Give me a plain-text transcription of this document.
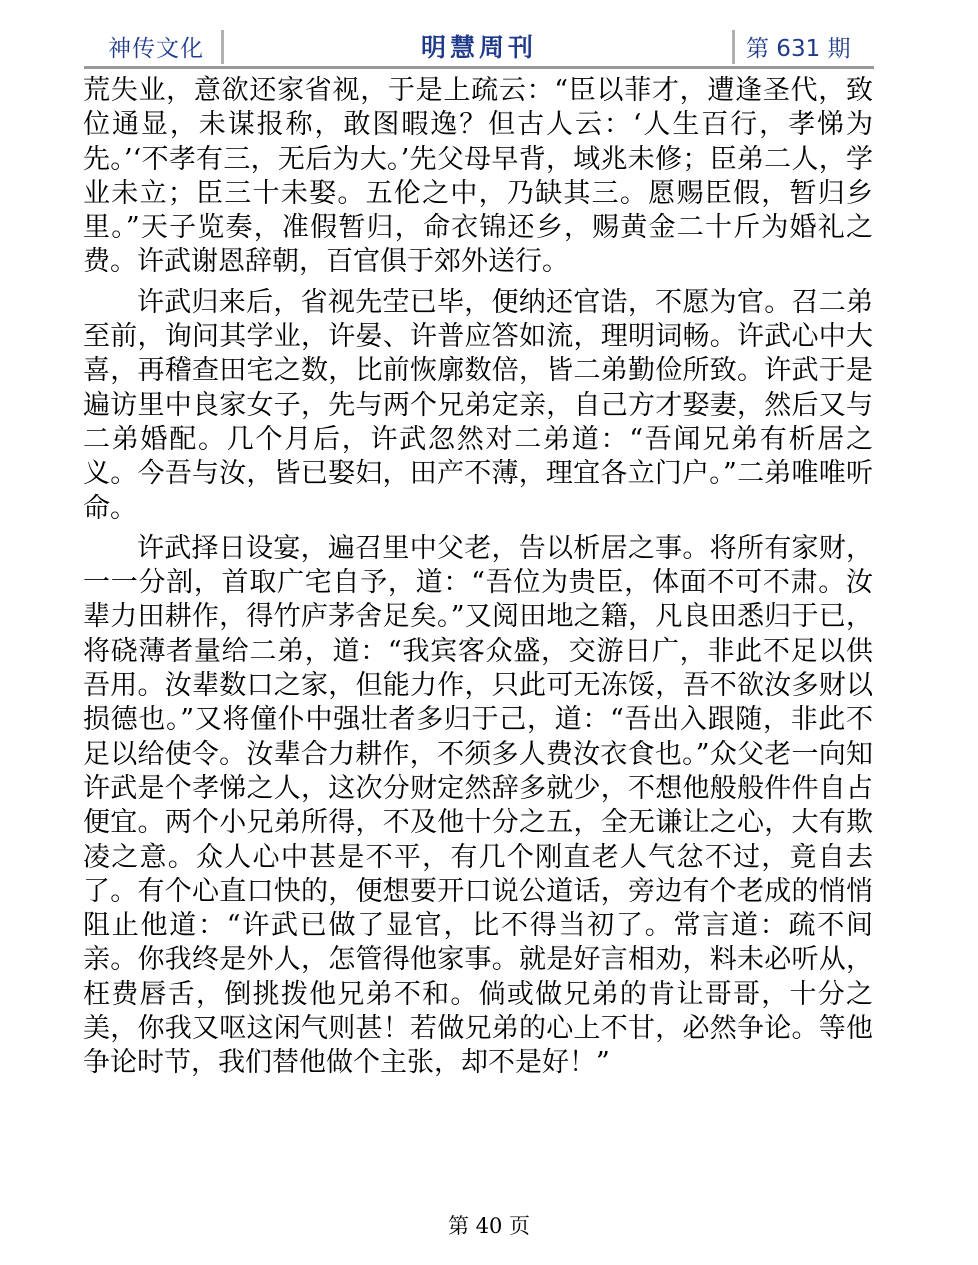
神传文化	明慧周刊	第 631 期

荒失业，意欲还家省视，于是上疏云：“臣以菲才，遭逢圣代，致位通显，未谋报称，敢图暇逸？但古人云：‘人生百行，孝悌为先。’‘不孝有三，无后为大。’先父母早背，域兆未修；臣弟二人，学业未立；臣三十未娶。五伦之中，乃缺其三。愿赐臣假，暂归乡里。”天子览奏，准假暂归，命衣锦还乡，赐黄金二十斤为婚礼之费。许武谢恩辞朝，百官俱于郊外送行。

许武归来后，省视先茔已毕，便纳还官诰，不愿为官。召二弟至前，询问其学业，许晏、许普应答如流，理明词畅。许武心中大喜，再稽查田宅之数，比前恢廓数倍，皆二弟勤俭所致。许武于是遍访里中良家女子，先与两个兄弟定亲，自己方才娶妻，然后又与二弟婚配。几个月后，许武忽然对二弟道：“吾闻兄弟有析居之义。今吾与汝，皆已娶妇，田产不薄，理宜各立门户。”二弟唯唯听命。

许武择日设宴，遍召里中父老，告以析居之事。将所有家财，一一分剖，首取广宅自予，道：“吾位为贵臣，体面不可不肃。汝辈力田耕作，得竹庐茅舍足矣。”又阅田地之籍，凡良田悉归于已，将硗薄者量给二弟，道：“我宾客众盛，交游日广，非此不足以供吾用。汝辈数口之家，但能力作，只此可无冻馁，吾不欲汝多财以损德也。”又将僮仆中强壮者多归于己，道：“吾出入跟随，非此不足以给使令。汝辈合力耕作，不须多人费汝衣食也。”众父老一向知许武是个孝悌之人，这次分财定然辞多就少，不想他般般件件自占便宜。两个小兄弟所得，不及他十分之五，全无谦让之心，大有欺凌之意。众人心中甚是不平，有几个刚直老人气忿不过，竟自去了。有个心直口快的，便想要开口说公道话，旁边有个老成的悄悄阻止他道：“许武已做了显官，比不得当初了。常言道：疏不间亲。你我终是外人，怎管得他家事。就是好言相劝，料未必听从，枉费唇舌，倒挑拨他兄弟不和。倘或做兄弟的肯让哥哥，十分之美，你我又呕这闲气则甚！若做兄弟的心上不甘，必然争论。等他争论时节，我们替他做个主张，却不是好！”

第 40 页
